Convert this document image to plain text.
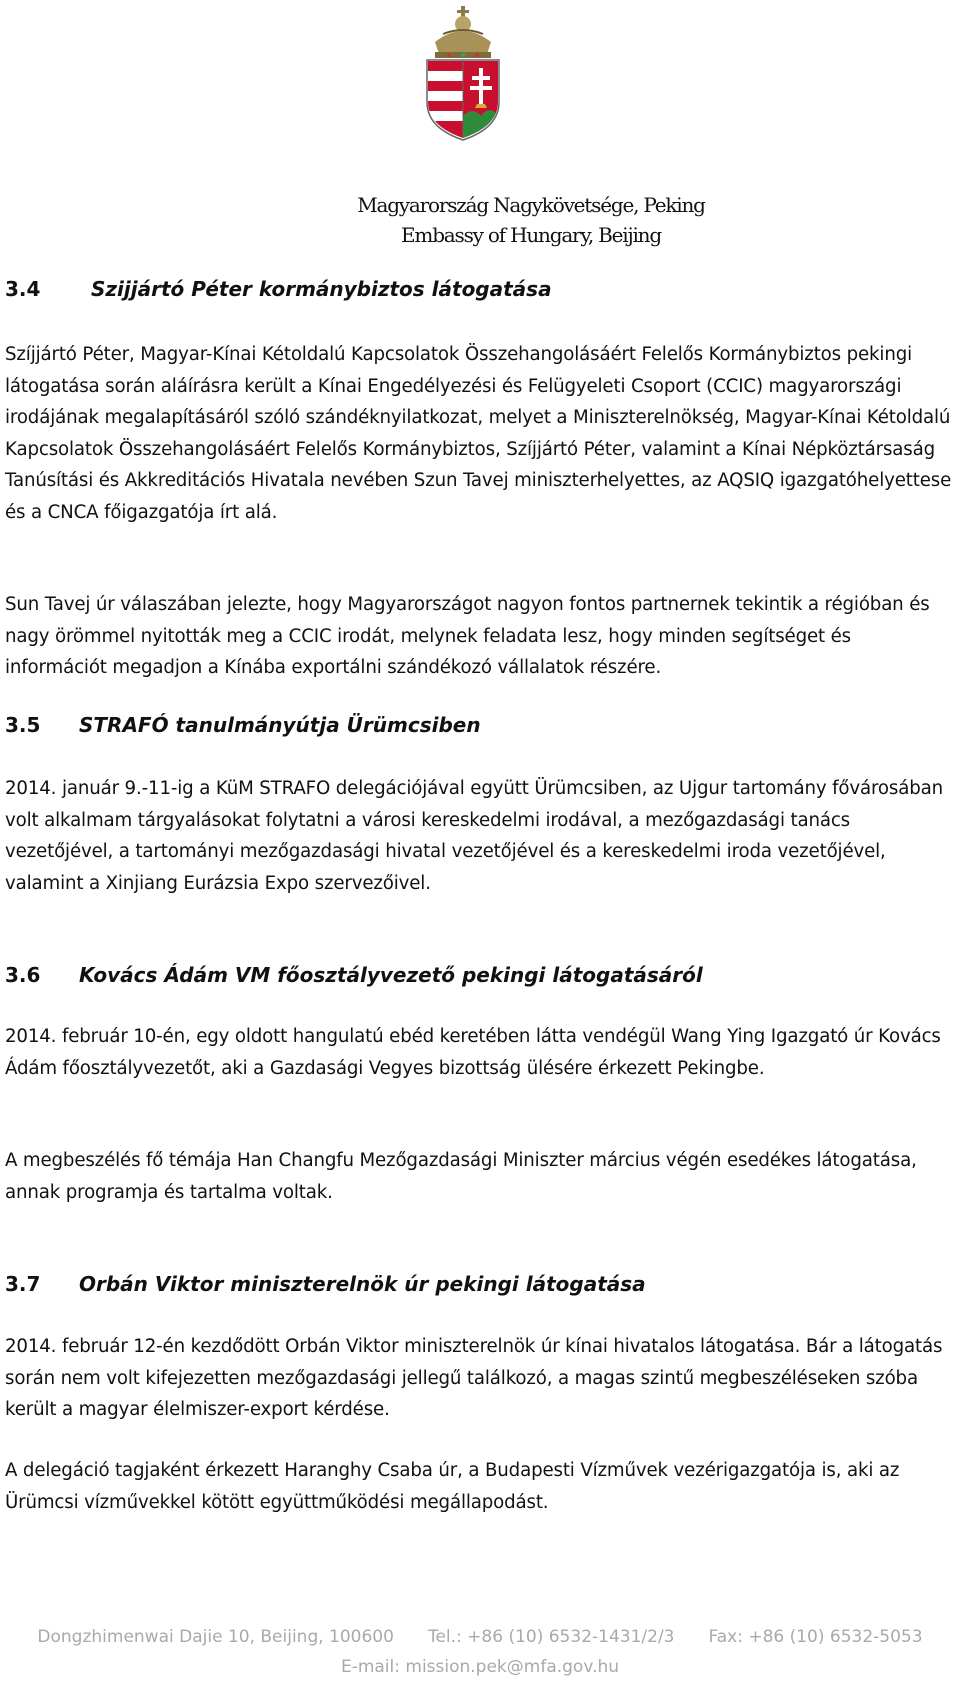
Magyarország Nagykövetsége, Peking
Embassy of Hungary, Beijing
3.4	Szijjártó Péter kormánybiztos látogatása
Szíjjártó Péter, Magyar-Kínai Kétoldalú Kapcsolatok Összehangolásáért Felelős Kormánybiztos pekingi látogatása során aláírásra került a Kínai Engedélyezési és Felügyeleti Csoport (CCIC) magyarországi irodájának megalapításáról szóló szándéknyilatkozat, melyet a Miniszterelnökség, Magyar-Kínai Kétoldalú Kapcsolatok Összehangolásáért Felelős Kormánybiztos, Szíjjártó Péter, valamint a Kínai Népköztársaság Tanúsítási és Akkreditációs Hivatala nevében Szun Tavej miniszterhelyettes, az AQSIQ igazgatóhelyettese és a CNCA főigazgatója írt alá.
Sun Tavej úr válaszában jelezte, hogy Magyarországot nagyon fontos partnernek tekintik a régióban és nagy örömmel nyitották meg a CCIC irodát, melynek feladata lesz, hogy minden segítséget és információt megadjon a Kínába exportálni szándékozó vállalatok részére.
3.5 STRAFÓ tanulmányútja Ürümcsiben
2014. január 9.-11-ig a KüM STRAFO delegációjával együtt Ürümcsiben, az Ujgur tartomány fővárosában volt alkalmam tárgyalásokat folytatni a városi kereskedelmi irodával, a mezőgazdasági tanács vezetőjével, a tartományi mezőgazdasági hivatal vezetőjével és a kereskedelmi iroda vezetőjével, valamint a Xinjiang Eurázsia Expo szervezőivel.
3.6 Kovács Ádám VM főosztályvezető pekingi látogatásáról
2014. február 10-én, egy oldott hangulatú ebéd keretében látta vendégül Wang Ying Igazgató úr Kovács Ádám főosztályvezetőt, aki a Gazdasági Vegyes bizottság ülésére érkezett Pekingbe.
A megbeszélés fő témája Han Changfu Mezőgazdasági Miniszter március végén esedékes látogatása, annak programja és tartalma voltak.
3.7 Orbán Viktor miniszterelnök úr pekingi látogatása
2014. február 12-én kezdődött Orbán Viktor miniszterelnök úr kínai hivatalos látogatása. Bár a látogatás során nem volt kifejezetten mezőgazdasági jellegű találkozó, a magas szintű megbeszéléseken szóba került a magyar élelmiszer-export kérdése.
A delegáció tagjaként érkezett Haranghy Csaba úr, a Budapesti Vízművek vezérigazgatója is, aki az Ürümcsi vízművekkel kötött együttműködési megállapodást.
Dongzhimenwai Dajie 10, Beijing, 100600 Tel.: +86 (10) 6532-1431/2/3 Fax: +86 (10) 6532-5053
E-mail: mission.pek@mfa.gov.hu
